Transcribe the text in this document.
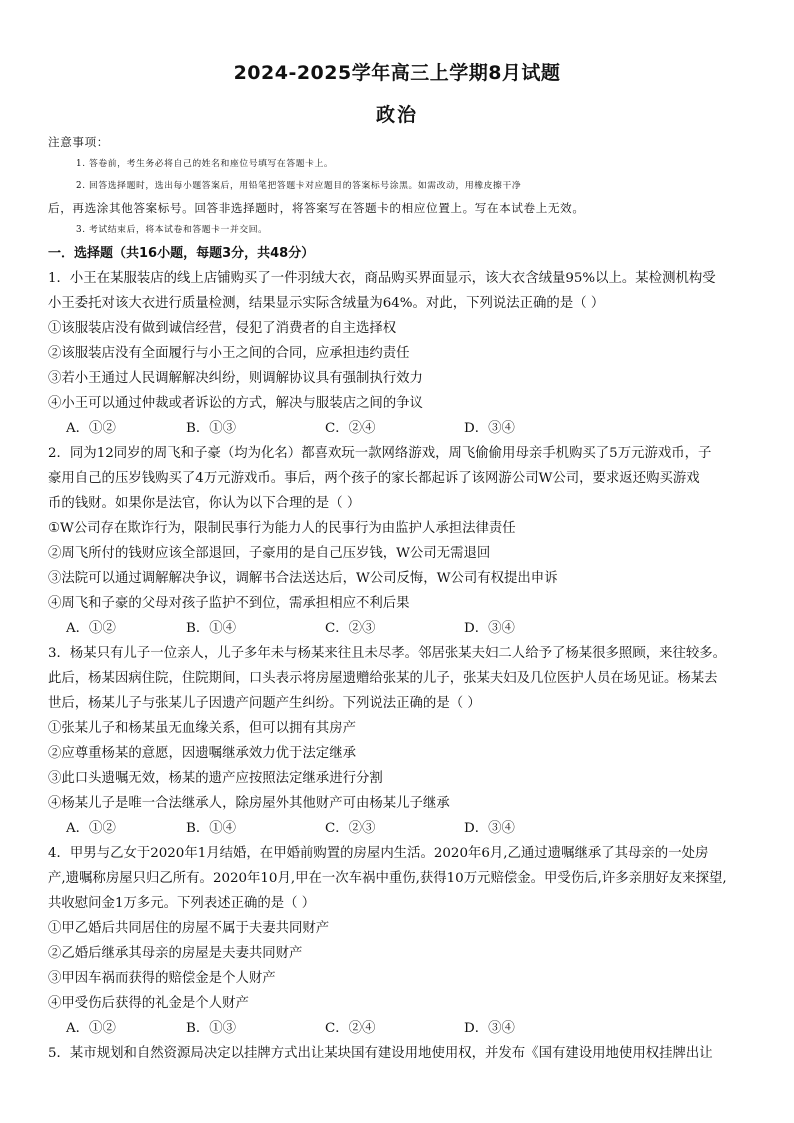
2024-2025学年高三上学期8月试题
政治
注意事项：
1. 答卷前，考生务必将自己的姓名和座位号填写在答题卡上。
2. 回答选择题时，选出每小题答案后，用铅笔把答题卡对应题目的答案标号涂黑。如需改动，用橡皮擦干净
后，再选涂其他答案标号。回答非选择题时，将答案写在答题卡的相应位置上。写在本试卷上无效。
3. 考试结束后，将本试卷和答题卡一并交回。
一．选择题（共16小题，每题3分，共48分）
1．小王在某服装店的线上店铺购买了一件羽绒大衣，商品购买界面显示，该大衣含绒量95%以上。某检测机构受
小王委托对该大衣进行质量检测，结果显示实际含绒量为64%。对此，下列说法正确的是（ ）
①该服装店没有做到诚信经营，侵犯了消费者的自主选择权
②该服装店没有全面履行与小王之间的合同，应承担违约责任
③若小王通过人民调解解决纠纷，则调解协议具有强制执行效力
④小王可以通过仲裁或者诉讼的方式，解决与服装店之间的争议
A．①②	B．①③	C．②④	D．③④
2．同为12同岁的周飞和子豪（均为化名）都喜欢玩一款网络游戏，周飞偷偷用母亲手机购买了5万元游戏币，子
豪用自己的压岁钱购买了4万元游戏币。事后，两个孩子的家长都起诉了该网游公司W公司，要求返还购买游戏
币的钱财。如果你是法官，你认为以下合理的是（ ）
①W公司存在欺诈行为，限制民事行为能力人的民事行为由监护人承担法律责任
②周飞所付的钱财应该全部退回，子豪用的是自己压岁钱，W公司无需退回
③法院可以通过调解解决争议，调解书合法送达后，W公司反悔，W公司有权提出申诉
④周飞和子豪的父母对孩子监护不到位，需承担相应不利后果
A．①②	B．①④	C．②③	D．③④
3．杨某只有儿子一位亲人，儿子多年未与杨某来往且未尽孝。邻居张某夫妇二人给予了杨某很多照顾，来往较多。
此后，杨某因病住院，住院期间，口头表示将房屋遗赠给张某的儿子，张某夫妇及几位医护人员在场见证。杨某去
世后，杨某儿子与张某儿子因遗产问题产生纠纷。下列说法正确的是（ ）
①张某儿子和杨某虽无血缘关系，但可以拥有其房产
②应尊重杨某的意愿，因遗嘱继承效力优于法定继承
③此口头遗嘱无效，杨某的遗产应按照法定继承进行分割
④杨某儿子是唯一合法继承人，除房屋外其他财产可由杨某儿子继承
A．①②	B．①④	C．②③	D．③④
4．甲男与乙女于2020年1月结婚，在甲婚前购置的房屋内生活。2020年6月,乙通过遗嘱继承了其母亲的一处房
产,遗嘱称房屋只归乙所有。2020年10月,甲在一次车祸中重伤,获得10万元赔偿金。甲受伤后,许多亲朋好友来探望,
共收慰问金1万多元。下列表述正确的是（ ）
①甲乙婚后共同居住的房屋不属于夫妻共同财产
②乙婚后继承其母亲的房屋是夫妻共同财产
③甲因车祸而获得的赔偿金是个人财产
④甲受伤后获得的礼金是个人财产
A．①②	B．①③	C．②④	D．③④
5．某市规划和自然资源局决定以挂牌方式出让某块国有建设用地使用权，并发布《国有建设用地使用权挂牌出让
